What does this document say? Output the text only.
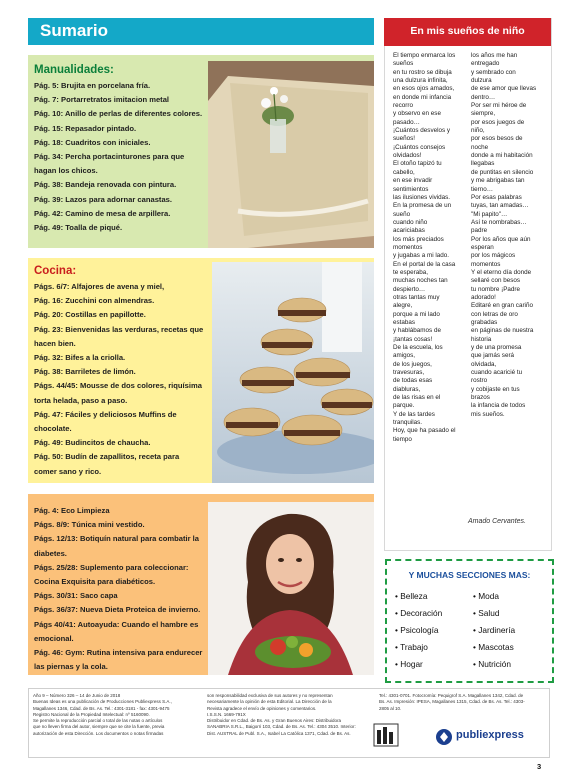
Sumario
Manualidades:
Pág. 5: Brujita en porcelana fría.
Pág. 7: Portarretratos imitacion metal
Pág. 10: Anillo de perlas de diferentes colores.
Pág. 15: Repasador pintado.
Pág. 18: Cuadritos con iniciales.
Pág. 34: Percha portacinturones para que
hagan los chicos.
Pág. 38: Bandeja renovada con pintura.
Pág. 39: Lazos para adornar canastas.
Pág. 42: Camino de mesa de arpillera.
Pág. 49: Toalla de piqué.
Cocina:
Págs. 6/7: Alfajores de avena y miel,
Pág. 16: Zucchini con almendras.
Pág. 20: Costillas en papillotte.
Pág. 23: Bienvenidas las verduras, recetas que
hacen bien.
Pág. 32: Bifes a la criolla.
Pág. 38: Barriletes de limón.
Págs. 44/45: Mousse de dos colores, riquísima
torta helada, paso a paso.
Pág. 47: Fáciles y deliciosos Muffins de
chocolate.
Pág. 49: Budincitos de chaucha.
Pág. 50: Budín de zapallitos, receta para
comer sano y rico.
Pág. 4: Eco Limpieza
Págs. 8/9: Túnica mini vestido.
Págs. 12/13: Botiquín natural para combatir la
diabetes.
Págs. 25/28: Suplemento para coleccionar:
Cocina Exquisita para diabéticos.
Págs. 30/31: Saco capa
Págs. 36/37: Nueva Dieta Proteica de invierno.
Págs 40/41: Autoayuda: Cuando el hambre es
emocional.
Pág. 46: Gym: Rutina intensiva para endurecer
las piernas y la cola.
En mis sueños de niño
El tiempo enmarca los
sueños
en tu rostro se dibuja
una dulzura infinita,
en esos ojos amados,
en donde mi infancia
recorro
y observo en ese
pasado…
¡Cuántos desvelos y
sueños!
¡Cuántos consejos
olvidados!
El otoño tapizó tu
cabello,
en ese invadir
sentimientos
las ilusiones vividas.
En la promesa de un
sueño
cuando niño
acariciabas
los más preciados
momentos
y jugabas a mi lado.
En el portal de la casa
te esperaba,
muchas noches tan
despierto…
otras tantas muy
alegre,
porque a mi lado
estabas
y hablábamos de
¡tantas cosas!
De la escuela, los
amigos,
de los juegos,
travesuras,
de todas esas
diabluras,
de las risas en el
parque.
Y de las tardes
tranquilas.
Hoy, que ha pasado el
tiempo
los años me han
entregado
y sembrado con
dulzura
de ese amor que llevas
dentro…
Por ser mi héroe de
siempre,
por esos juegos de
niño,
por esos besos de
noche
donde a mi habitación
llegabas
de puntitas en silencio
y me abrigabas tan
tierno…
Por esas palabras
tuyas, tan amadas…
"Mi papito"…
Así te nombrabas…
padre
Por los años que aún
esperan
por los mágicos
momentos
Y el eterno día donde
sellaré con besos
tu nombre ¡Padre
adorado!
Editaré en gran cariño
con letras de oro
grabadas
en páginas de nuestra
historia
y de una promesa
que jamás será
olvidada,
cuando acaricié tu
rostro
y cobijaste en tus
brazos
la infancia de todos
mis sueños.
Amado Cervantes.
Y MUCHAS SECCIONES MAS:
• Belleza
• Decoración
• Psicología
• Trabajo
• Hogar
• Moda
• Salud
• Jardinería
• Mascotas
• Nutrición
Año 9 – Número 326 – 14 de Junio de 2018
Buenas Ideas es una publicación de Producciones Publiexpress S.A.,
Magallanes 1346, Cdad. de Bs. As. Tel.: 4301-3181 - fax: 4301-9475
Registro Nacional de la Propiedad Intelectual: nº 5160090.
Se permite la reproducción parcial o total de las notas o artículos
que no lleven firma del autor, siempre que se cite la fuente, previa
autorización de esta Dirección. Los documentos o notas firmadas
son responsabilidad exclusiva de sus autores y no representan
necesariamente la opinión de esta Editorial. La Dirección de la
Revista agradece el envío de opiniones y comentarios.
I.S.S.N. 1669-791X
Distribuidor en Cdad. de Bs. As. y Gran Buenos Aires: Distribuidora
SANABRIA S.R.L., Baigorri 103, Cdad. de Bs. As. Tel.: 4304 3510. Interior:
Dist. AUSTRAL de Publ. S.A., Isabel La Católica 1371, Cdad. de Bs. As.
Tel.: 4301-0701. Fotocromía: Pequigrof S.A. Magallanes 1342, Cdad. de
Bs. As. Impresión: IPESA, Magallanes 1315, Cdad. de Bs. As. Tel.: 4303-
2805 al 10.
publiexpress
3
